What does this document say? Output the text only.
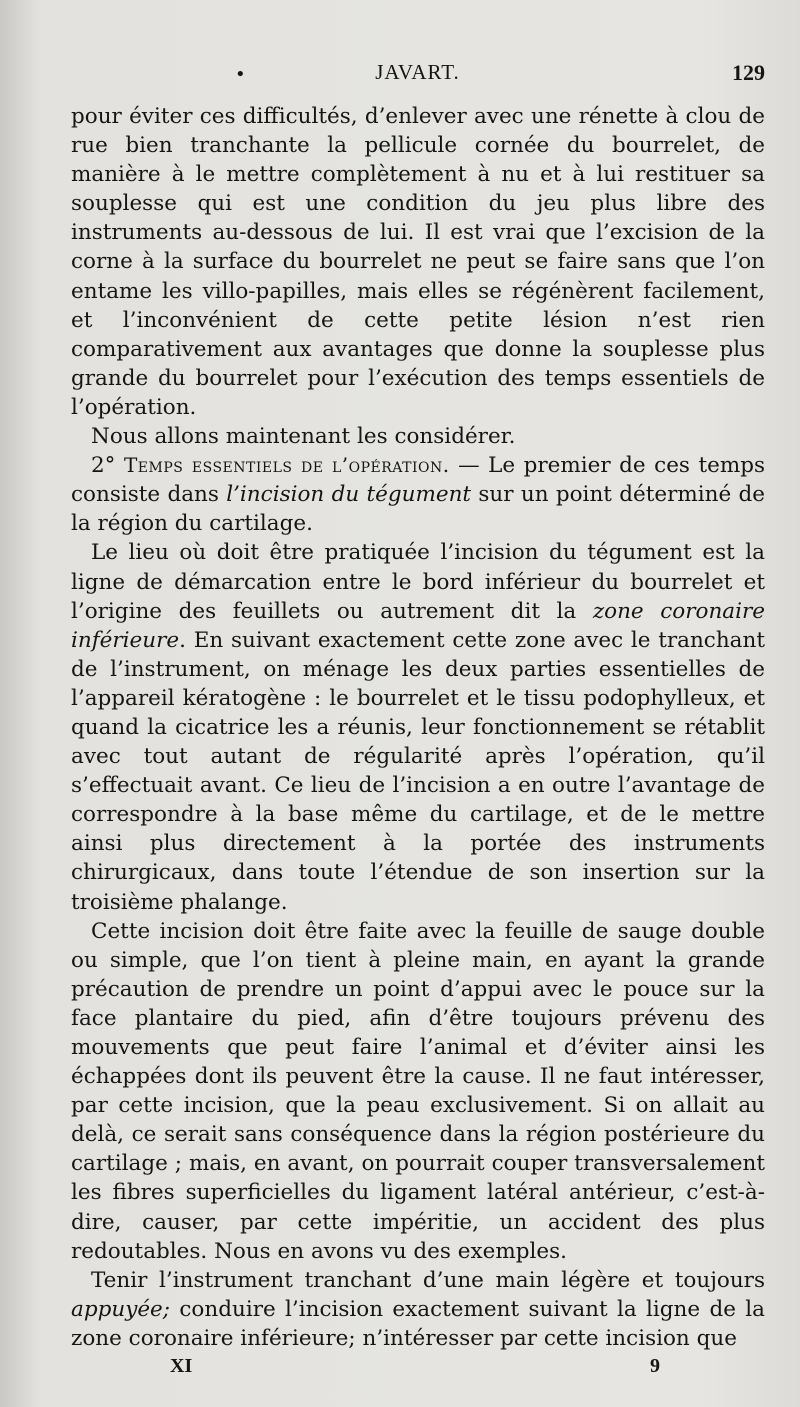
•	JAVART.	129

pour éviter ces difficultés, d’enlever avec une rénette à clou de rue bien tranchante la pellicule cornée du bourrelet, de manière à le mettre complètement à nu et à lui restituer sa souplesse qui est une condition du jeu plus libre des instruments au-dessous de lui. Il est vrai que l’excision de la corne à la surface du bourrelet ne peut se faire sans que l’on entame les villo-papilles, mais elles se régénèrent facilement, et l’inconvénient de cette petite lésion n’est rien comparativement aux avantages que donne la souplesse plus grande du bourrelet pour l’exécution des temps essentiels de l’opération.

Nous allons maintenant les considérer.

2° Temps essentiels de l’opération. — Le premier de ces temps consiste dans l’incision du tégument sur un point déterminé de la région du cartilage.

Le lieu où doit être pratiquée l’incision du tégument est la ligne de démarcation entre le bord inférieur du bourrelet et l’origine des feuillets ou autrement dit la zone coronaire inférieure. En suivant exactement cette zone avec le tranchant de l’instrument, on ménage les deux parties essentielles de l’appareil kératogène : le bourrelet et le tissu podophylleux, et quand la cicatrice les a réunis, leur fonctionnement se rétablit avec tout autant de régularité après l’opération, qu’il s’effectuait avant. Ce lieu de l’incision a en outre l’avantage de correspondre à la base même du cartilage, et de le mettre ainsi plus directement à la portée des instruments chirurgicaux, dans toute l’étendue de son insertion sur la troisième phalange.

Cette incision doit être faite avec la feuille de sauge double ou simple, que l’on tient à pleine main, en ayant la grande précaution de prendre un point d’appui avec le pouce sur la face plantaire du pied, afin d’être toujours prévenu des mouvements que peut faire l’animal et d’éviter ainsi les échappées dont ils peuvent être la cause. Il ne faut intéresser, par cette incision, que la peau exclusivement. Si on allait au delà, ce serait sans conséquence dans la région postérieure du cartilage ; mais, en avant, on pourrait couper transversalement les fibres superficielles du ligament latéral antérieur, c’est-à-dire, causer, par cette impéritie, un accident des plus redoutables. Nous en avons vu des exemples.

Tenir l’instrument tranchant d’une main légère et toujours appuyée; conduire l’incision exactement suivant la ligne de la zone coronaire inférieure; n’intéresser par cette incision que

XI	9
